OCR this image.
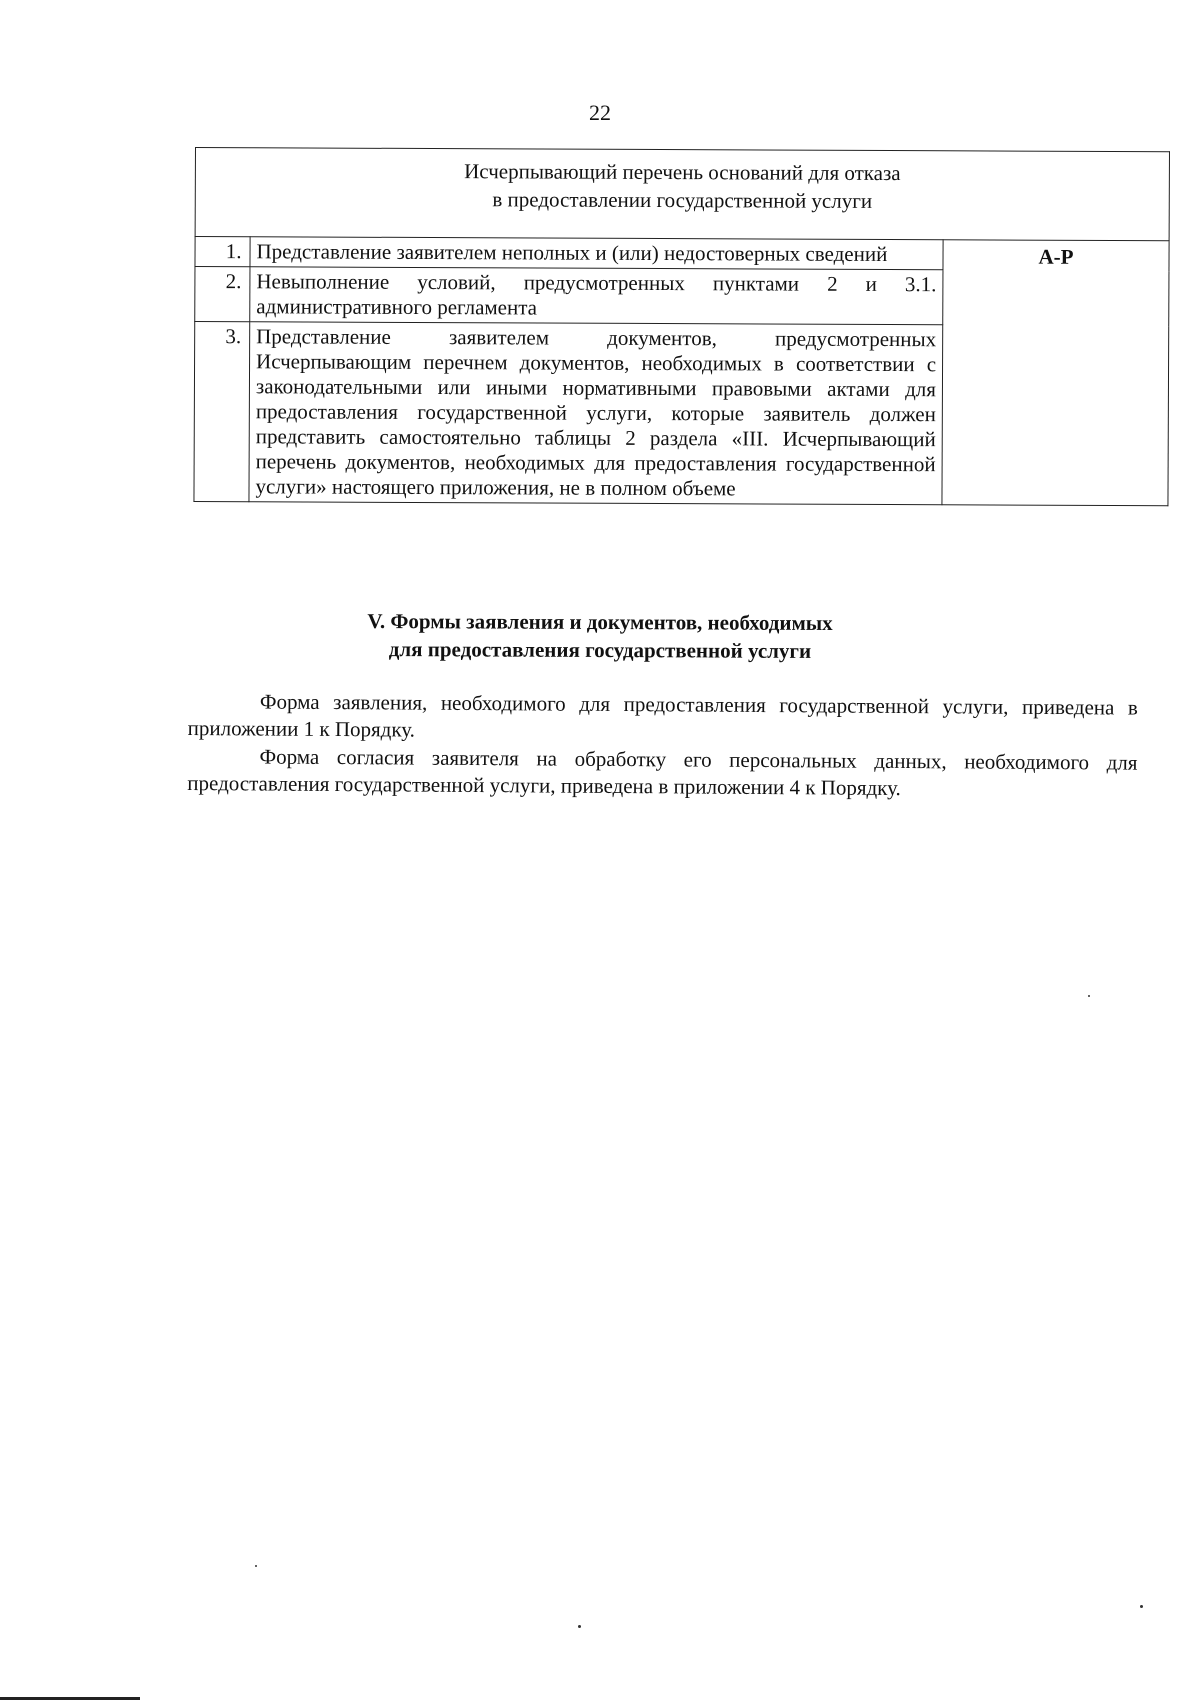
22
Исчерпывающий перечень оснований для отказа
в предоставлении государственной услуги		

1.	Представление заявителем неполных и (или) недостоверных сведений	А-Р
2.	Невыполнение условий, предусмотренных пунктами 2 и 3.1. административного регламента	
3.	Представление заявителем документов, предусмотренных Исчерпывающим перечнем документов, необходимых в соответствии с законодательными или иными нормативными правовыми актами для предоставления государственной услуги, которые заявитель должен представить самостоятельно таблицы 2 раздела «III. Исчерпывающий перечень документов, необходимых для предоставления государственной услуги» настоящего приложения, не в полном объеме	
V. Формы заявления и документов, необходимых
для предоставления государственной услуги

Форма заявления, необходимого для предоставления государственной услуги, приведена в приложении 1 к Порядку.

Форма согласия заявителя на обработку его персональных данных, необходимого для предоставления государственной услуги, приведена в приложении 4 к Порядку.
